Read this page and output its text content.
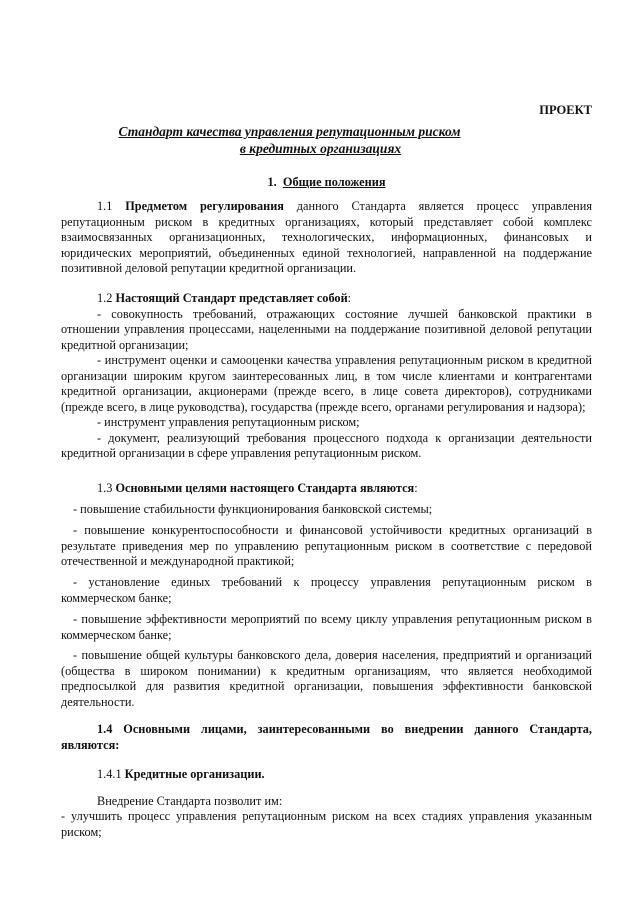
ПРОЕКТ
Стандарт качества управления репутационным риском
в кредитных организациях
1. Общие положения
1.1 Предметом регулирования данного Стандарта является процесс управления репутационным риском в кредитных организациях, который представляет собой комплекс взаимосвязанных организационных, технологических, информационных, финансовых и юридических мероприятий, объединенных единой технологией, направленной на поддержание позитивной деловой репутации кредитной организации.

1.2 Настоящий Стандарт представляет собой:

- совокупность требований, отражающих состояние лучшей банковской практики в отношении управления процессами, нацеленными на поддержание позитивной деловой репутации кредитной организации;

- инструмент оценки и самооценки качества управления репутационным риском в кредитной организации широким кругом заинтересованных лиц, в том числе клиентами и контрагентами кредитной организации, акционерами (прежде всего, в лице совета директоров), сотрудниками (прежде всего, в лице руководства), государства (прежде всего, органами регулирования и надзора);

- инструмент управления репутационным риском;

- документ, реализующий требования процессного подхода к организации деятельности кредитной организации в сфере управления репутационным риском.

1.3 Основными целями настоящего Стандарта являются:

- повышение стабильности функционирования банковской системы;
- повышение конкурентоспособности и финансовой устойчивости кредитных организаций в результате приведения мер по управлению репутационным риском в соответствие с передовой отечественной и международной практикой;
- установление единых требований к процессу управления репутационным риском в коммерческом банке;
- повышение эффективности мероприятий по всему циклу управления репутационным риском в коммерческом банке;
- повышение общей культуры банковского дела, доверия населения, предприятий и организаций (общества в широком понимании) к кредитным организациям, что является необходимой предпосылкой для развития кредитной организации, повышения эффективности банковской деятельности.
1.4 Основными лицами, заинтересованными во внедрении данного Стандарта, являются:
1.4.1 Кредитные организации.
Внедрение Стандарта позволит им:
- улучшить процесс управления репутационным риском на всех стадиях управления указанным риском;
